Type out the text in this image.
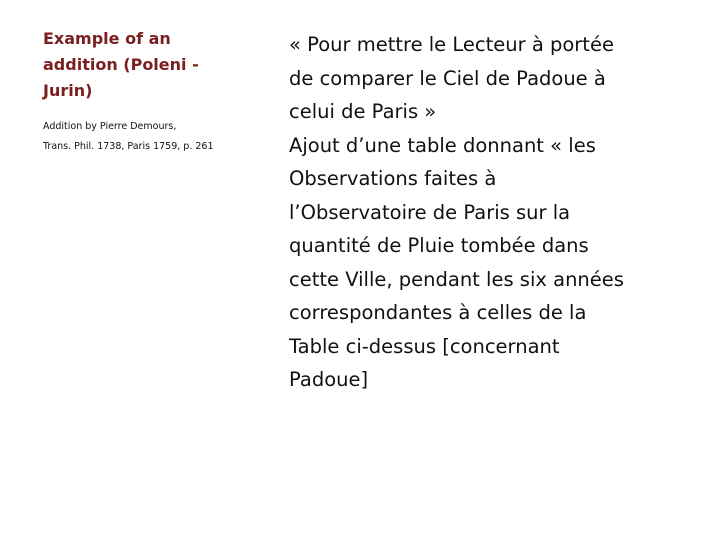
Example of an
addition (Poleni -
Jurin)
Addition by Pierre Demours,
Trans. Phil. 1738, Paris 1759, p. 261

« Pour mettre le Lecteur à portée
de comparer le Ciel de Padoue à
celui de Paris »

Ajout d’une table donnant « les
Observations faites à
l’Observatoire de Paris sur la
quantité de Pluie tombée dans
cette Ville, pendant les six années
correspondantes à celles de la
Table ci-dessus [concernant
Padoue]
